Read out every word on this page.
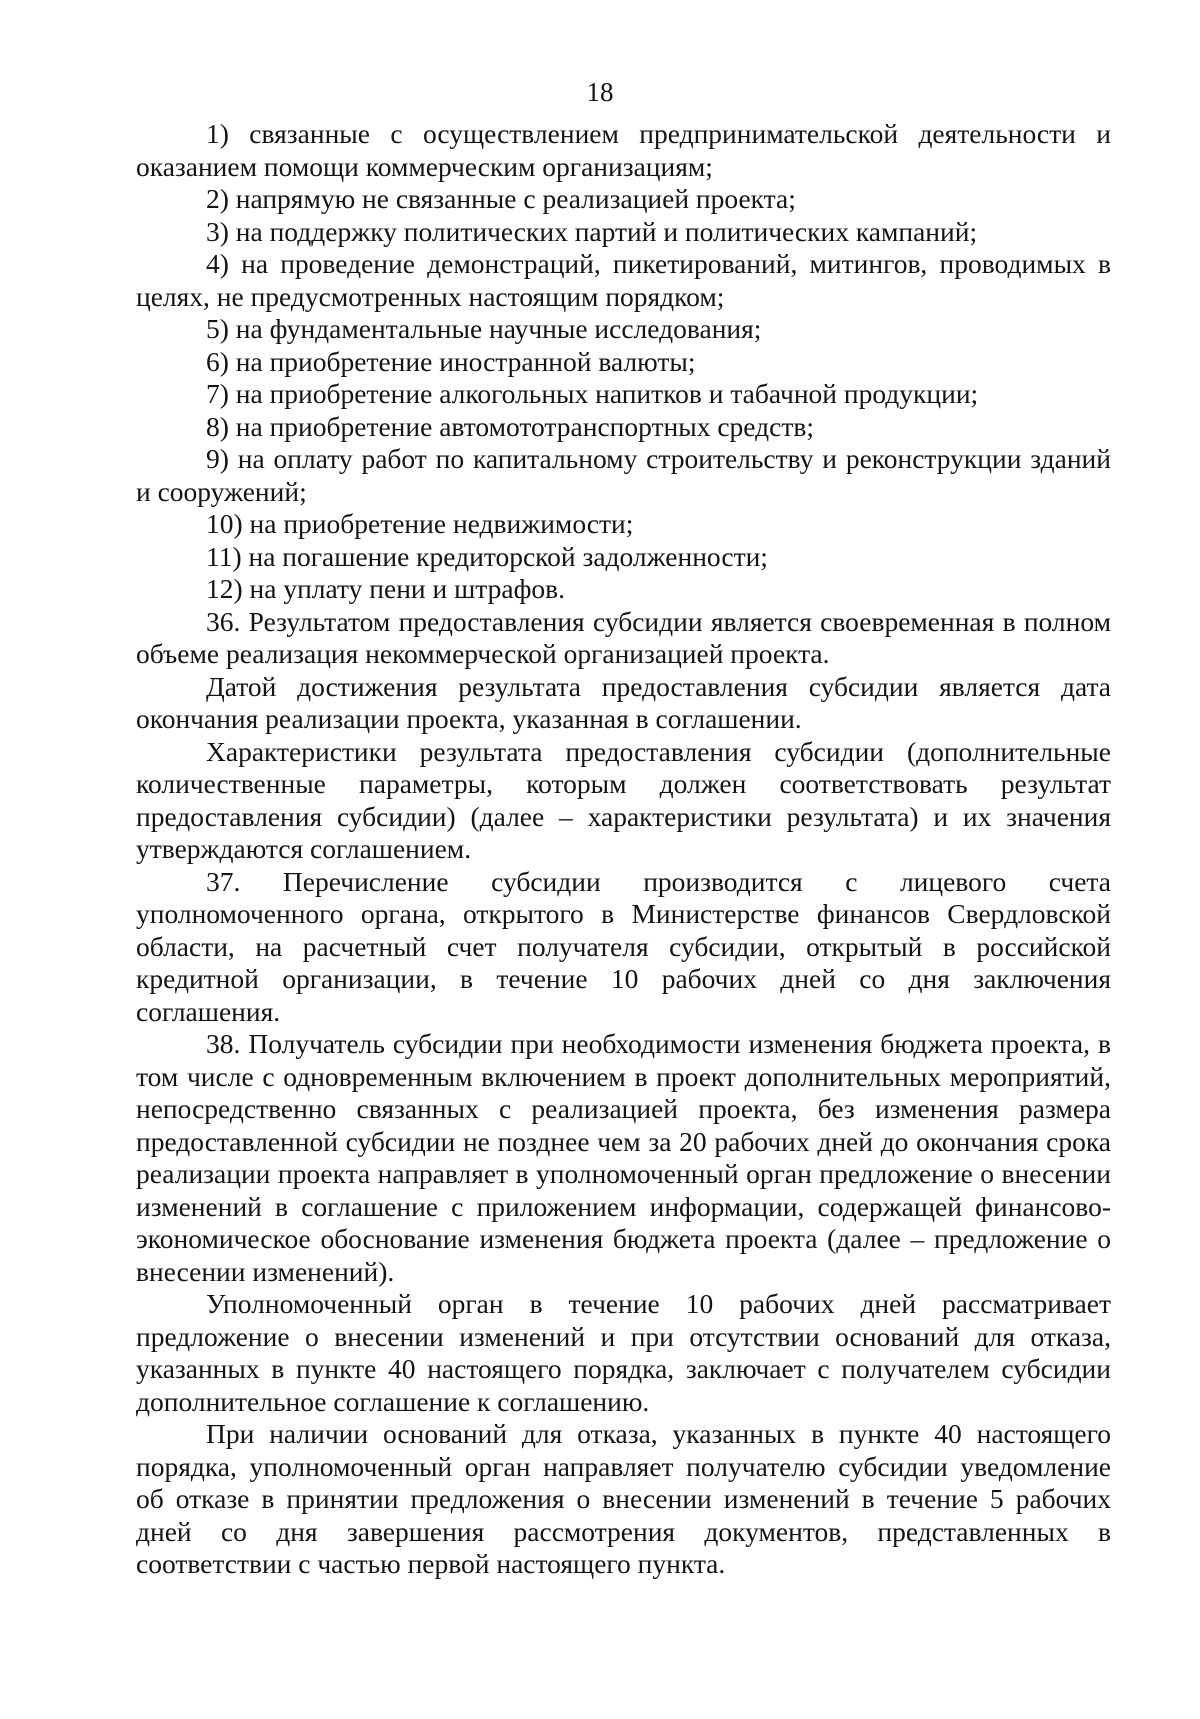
18

1) связанные с осуществлением предпринимательской деятельности и оказанием помощи коммерческим организациям;

2) напрямую не связанные с реализацией проекта;

3) на поддержку политических партий и политических кампаний;

4) на проведение демонстраций, пикетирований, митингов, проводимых в целях, не предусмотренных настоящим порядком;

5) на фундаментальные научные исследования;

6) на приобретение иностранной валюты;

7) на приобретение алкогольных напитков и табачной продукции;

8) на приобретение автомототранспортных средств;

9) на оплату работ по капитальному строительству и реконструкции зданий и сооружений;

10) на приобретение недвижимости;

11) на погашение кредиторской задолженности;

12) на уплату пени и штрафов.

36. Результатом предоставления субсидии является своевременная в полном объеме реализация некоммерческой организацией проекта.

Датой достижения результата предоставления субсидии является дата окончания реализации проекта, указанная в соглашении.

Характеристики результата предоставления субсидии (дополнительные количественные параметры, которым должен соответствовать результат предоставления субсидии) (далее – характеристики результата) и их значения утверждаются соглашением.

37. Перечисление субсидии производится с лицевого счета уполномоченного органа, открытого в Министерстве финансов Свердловской области, на расчетный счет получателя субсидии, открытый в российской кредитной организации, в течение 10 рабочих дней со дня заключения соглашения.

38. Получатель субсидии при необходимости изменения бюджета проекта, в том числе с одновременным включением в проект дополнительных мероприятий, непосредственно связанных с реализацией проекта, без изменения размера предоставленной субсидии не позднее чем за 20 рабочих дней до окончания срока реализации проекта направляет в уполномоченный орган предложение о внесении изменений в соглашение с приложением информации, содержащей финансово-экономическое обоснование изменения бюджета проекта (далее – предложение о внесении изменений).

Уполномоченный орган в течение 10 рабочих дней рассматривает предложение о внесении изменений и при отсутствии оснований для отказа, указанных в пункте 40 настоящего порядка, заключает с получателем субсидии дополнительное соглашение к соглашению.

При наличии оснований для отказа, указанных в пункте 40 настоящего порядка, уполномоченный орган направляет получателю субсидии уведомление об отказе в принятии предложения о внесении изменений в течение 5 рабочих дней со дня завершения рассмотрения документов, представленных в соответствии с частью первой настоящего пункта.
